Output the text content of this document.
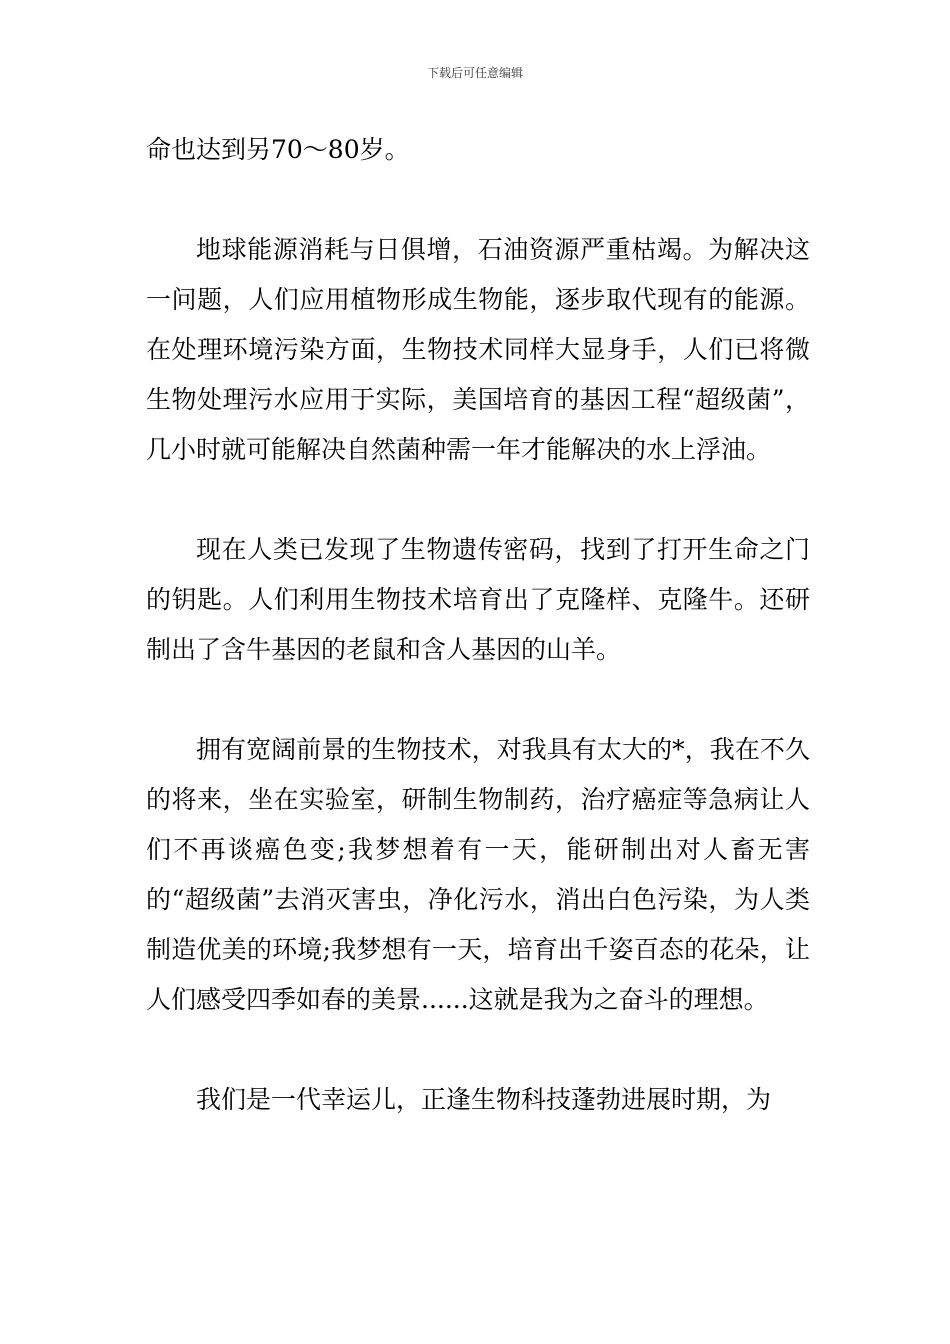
下载后可任意编辑

命也达到另70～80岁。

地球能源消耗与日俱增，石油资源严重枯竭。为解决这一问题，人们应用植物形成生物能，逐步取代现有的能源。在处理环境污染方面，生物技术同样大显身手，人们已将微生物处理污水应用于实际，美国培育的基因工程“超级菌”，几小时就可能解决自然菌种需一年才能解决的水上浮油。

现在人类已发现了生物遗传密码，找到了打开生命之门的钥匙。人们利用生物技术培育出了克隆样、克隆牛。还研制出了含牛基因的老鼠和含人基因的山羊。

拥有宽阔前景的生物技术，对我具有太大的*，我在不久的将来，坐在实验室，研制生物制药，治疗癌症等急病让人们不再谈癌色变;我梦想着有一天，能研制出对人畜无害的“超级菌”去消灭害虫，净化污水，消出白色污染，为人类制造优美的环境;我梦想有一天，培育出千姿百态的花朵，让人们感受四季如春的美景......这就是我为之奋斗的理想。

我们是一代幸运儿，正逢生物科技蓬勃进展时期，为
